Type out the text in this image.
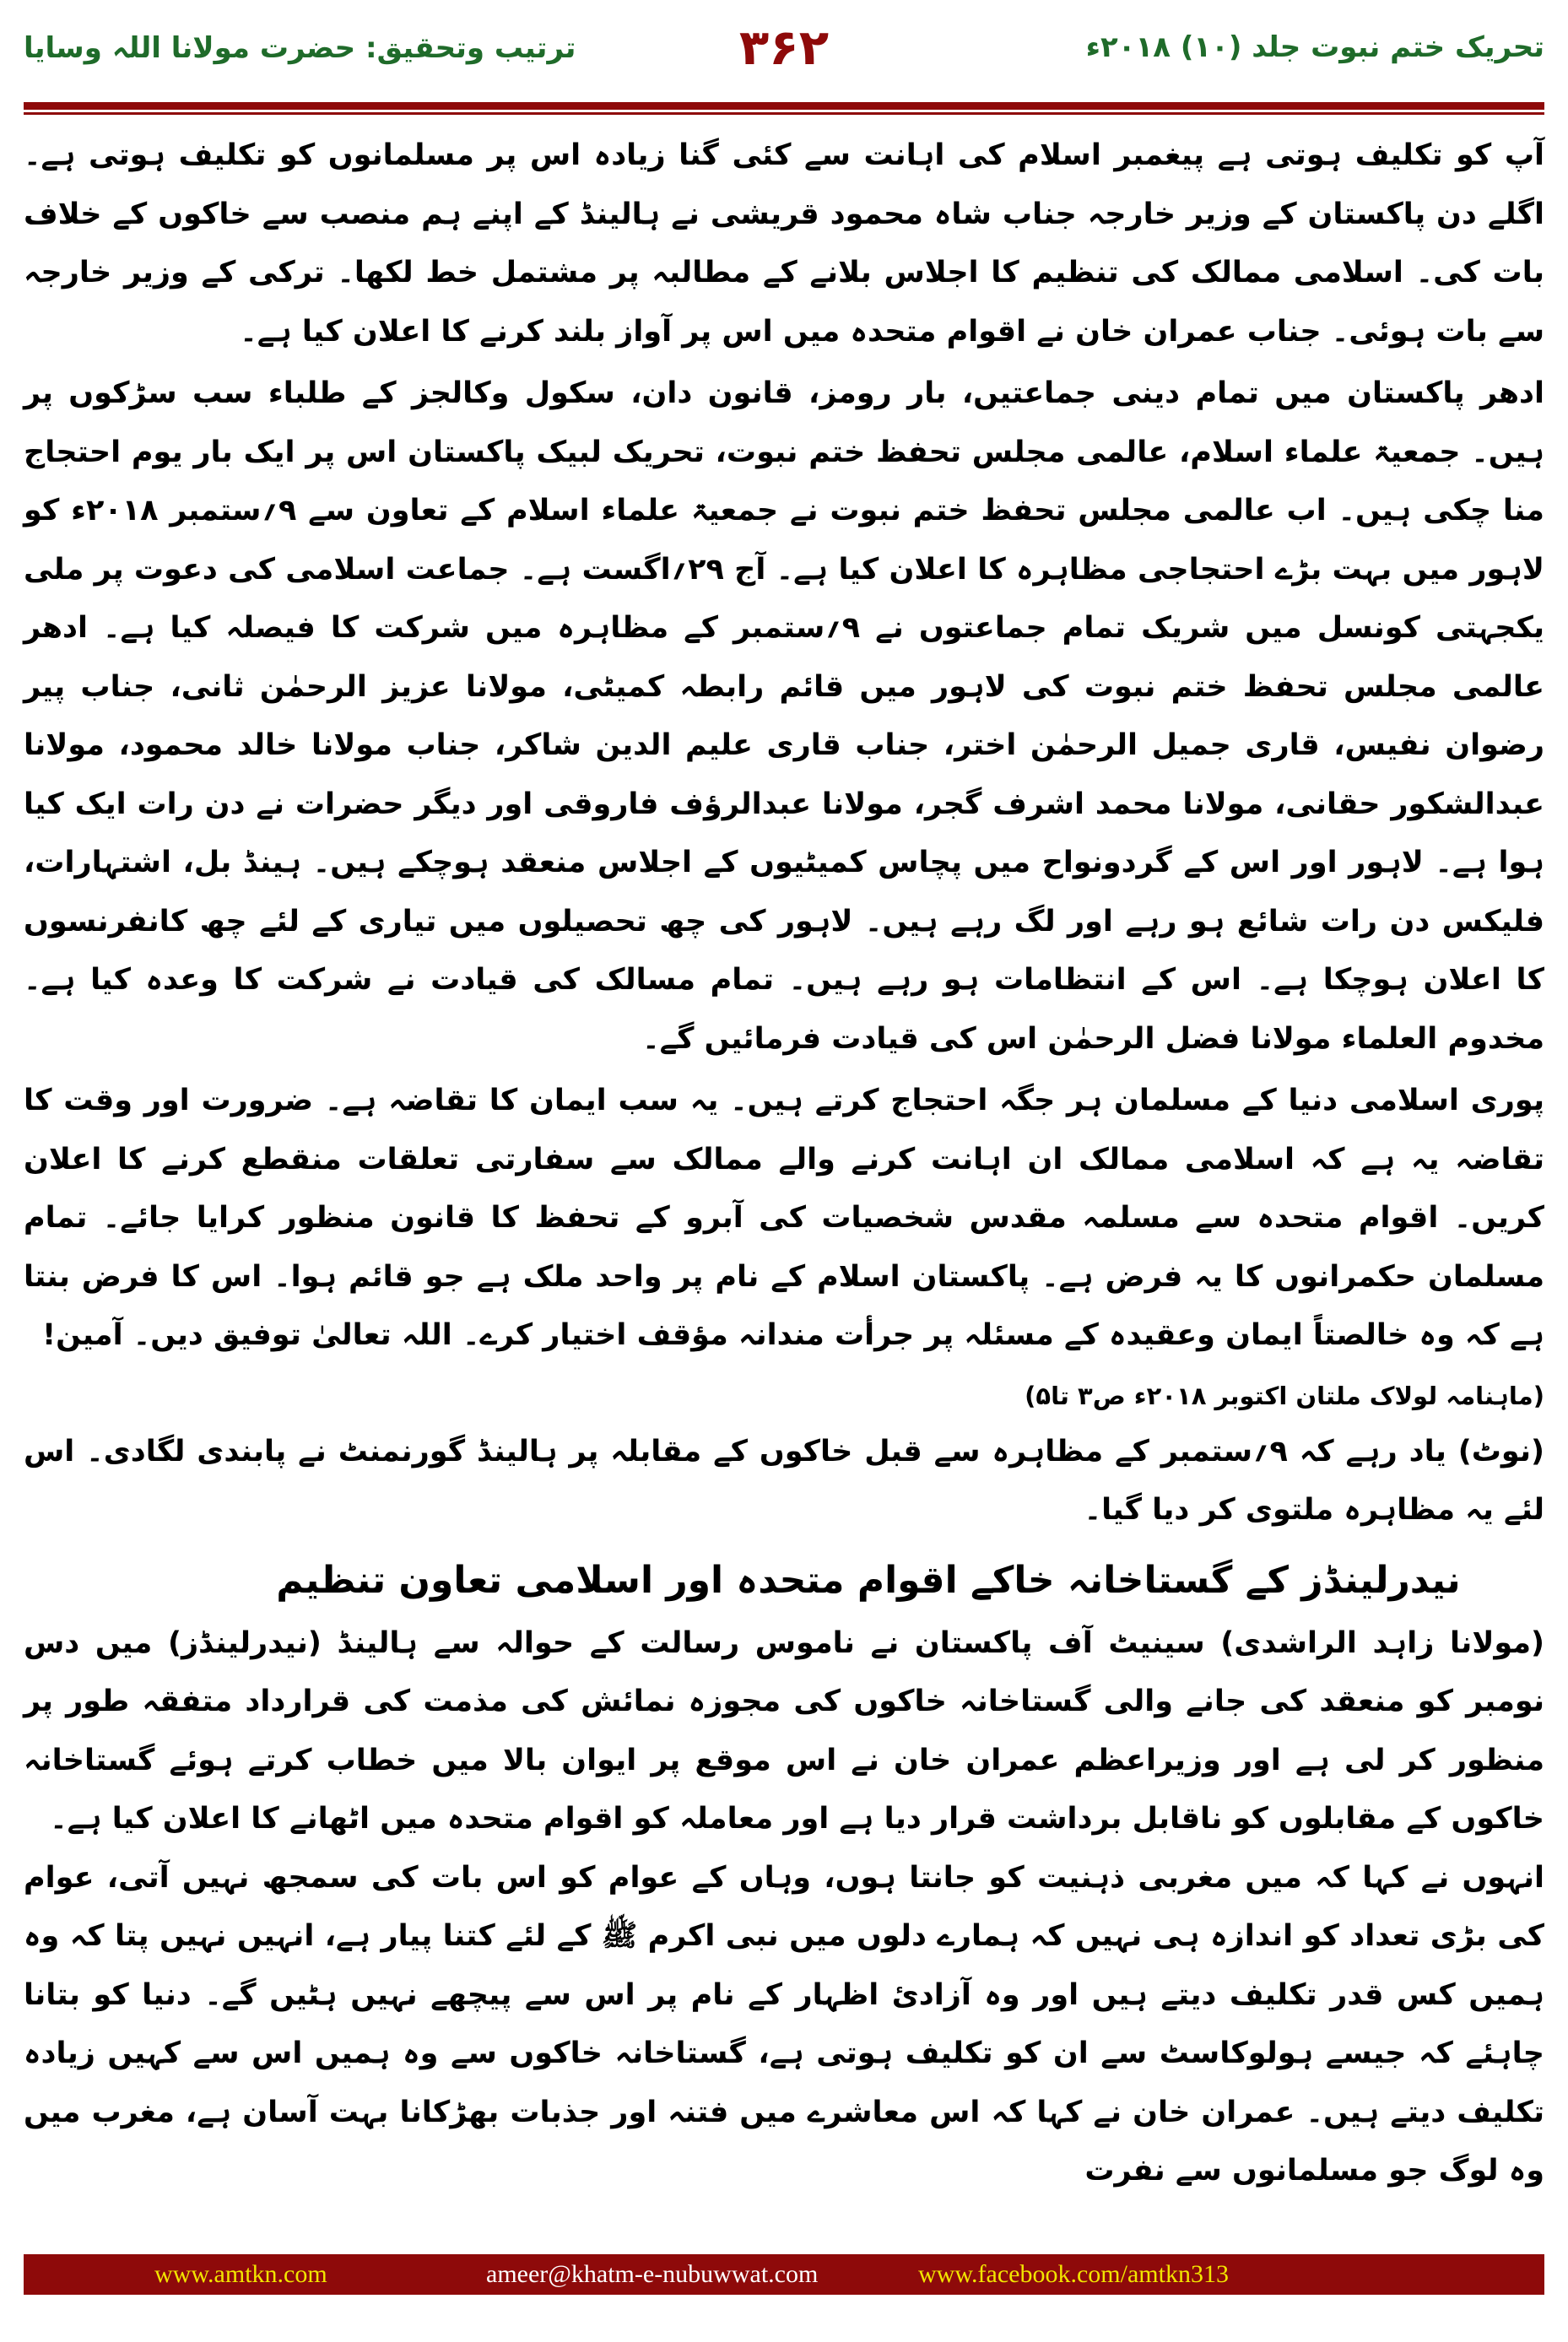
تحریک ختم نبوت جلد (۱۰) ۲۰۱۸ء
۳۶۲
ترتیب وتحقیق: حضرت مولانا اللہ وسایا

آپ کو تکلیف ہوتی ہے پیغمبر اسلام کی اہانت سے کئی گنا زیادہ اس پر مسلمانوں کو تکلیف ہوتی ہے۔ اگلے دن پاکستان کے وزیر خارجہ جناب شاہ محمود قریشی نے ہالینڈ کے اپنے ہم منصب سے خاکوں کے خلاف بات کی۔ اسلامی ممالک کی تنظیم کا اجلاس بلانے کے مطالبہ پر مشتمل خط لکھا۔ ترکی کے وزیر خارجہ سے بات ہوئی۔ جناب عمران خان نے اقوام متحدہ میں اس پر آواز بلند کرنے کا اعلان کیا ہے۔

ادھر پاکستان میں تمام دینی جماعتیں، بار رومز، قانون دان، سکول وکالجز کے طلباء سب سڑکوں پر ہیں۔ جمعیۃ علماء اسلام، عالمی مجلس تحفظ ختم نبوت، تحریک لبیک پاکستان اس پر ایک بار یوم احتجاج منا چکی ہیں۔ اب عالمی مجلس تحفظ ختم نبوت نے جمعیۃ علماء اسلام کے تعاون سے ۹؍ستمبر ۲۰۱۸ء کو لاہور میں بہت بڑے احتجاجی مظاہرہ کا اعلان کیا ہے۔ آج ۲۹؍اگست ہے۔ جماعت اسلامی کی دعوت پر ملی یکجہتی کونسل میں شریک تمام جماعتوں نے ۹؍ستمبر کے مظاہرہ میں شرکت کا فیصلہ کیا ہے۔ ادھر عالمی مجلس تحفظ ختم نبوت کی لاہور میں قائم رابطہ کمیٹی، مولانا عزیز الرحمٰن ثانی، جناب پیر رضوان نفیس، قاری جمیل الرحمٰن اختر، جناب قاری علیم الدین شاکر، جناب مولانا خالد محمود، مولانا عبدالشکور حقانی، مولانا محمد اشرف گجر، مولانا عبدالرؤف فاروقی اور دیگر حضرات نے دن رات ایک کیا ہوا ہے۔ لاہور اور اس کے گردونواح میں پچاس کمیٹیوں کے اجلاس منعقد ہوچکے ہیں۔ ہینڈ بل، اشتہارات، فلیکس دن رات شائع ہو رہے اور لگ رہے ہیں۔ لاہور کی چھ تحصیلوں میں تیاری کے لئے چھ کانفرنسوں کا اعلان ہوچکا ہے۔ اس کے انتظامات ہو رہے ہیں۔ تمام مسالک کی قیادت نے شرکت کا وعدہ کیا ہے۔ مخدوم العلماء مولانا فضل الرحمٰن اس کی قیادت فرمائیں گے۔

پوری اسلامی دنیا کے مسلمان ہر جگہ احتجاج کرتے ہیں۔ یہ سب ایمان کا تقاضہ ہے۔ ضرورت اور وقت کا تقاضہ یہ ہے کہ اسلامی ممالک ان اہانت کرنے والے ممالک سے سفارتی تعلقات منقطع کرنے کا اعلان کریں۔ اقوام متحدہ سے مسلمہ مقدس شخصیات کی آبرو کے تحفظ کا قانون منظور کرایا جائے۔ تمام مسلمان حکمرانوں کا یہ فرض ہے۔ پاکستان اسلام کے نام پر واحد ملک ہے جو قائم ہوا۔ اس کا فرض بنتا ہے کہ وہ خالصتاً ایمان وعقیدہ کے مسئلہ پر جرأت مندانہ مؤقف اختیار کرے۔ اللہ تعالیٰ توفیق دیں۔ آمین!

(ماہنامہ لولاک ملتان اکتوبر ۲۰۱۸ء ص۳ تا۵)

(نوٹ) یاد رہے کہ ۹؍ستمبر کے مظاہرہ سے قبل خاکوں کے مقابلہ پر ہالینڈ گورنمنٹ نے پابندی لگادی۔ اس لئے یہ مظاہرہ ملتوی کر دیا گیا۔

نیدرلینڈز کے گستاخانہ خاکے اقوام متحدہ اور اسلامی تعاون تنظیم

(مولانا زاہد الراشدی) سینیٹ آف پاکستان نے ناموس رسالت کے حوالہ سے ہالینڈ (نیدرلینڈز) میں دس نومبر کو منعقد کی جانے والی گستاخانہ خاکوں کی مجوزہ نمائش کی مذمت کی قرارداد متفقہ طور پر منظور کر لی ہے اور وزیراعظم عمران خان نے اس موقع پر ایوان بالا میں خطاب کرتے ہوئے گستاخانہ خاکوں کے مقابلوں کو ناقابل برداشت قرار دیا ہے اور معاملہ کو اقوام متحدہ میں اٹھانے کا اعلان کیا ہے۔

انہوں نے کہا کہ میں مغربی ذہنیت کو جانتا ہوں، وہاں کے عوام کو اس بات کی سمجھ نہیں آتی، عوام کی بڑی تعداد کو اندازہ ہی نہیں کہ ہمارے دلوں میں نبی اکرم ﷺ کے لئے کتنا پیار ہے، انہیں نہیں پتا کہ وہ ہمیں کس قدر تکلیف دیتے ہیں اور وہ آزادئ اظہار کے نام پر اس سے پیچھے نہیں ہٹیں گے۔ دنیا کو بتانا چاہئے کہ جیسے ہولوکاسٹ سے ان کو تکلیف ہوتی ہے، گستاخانہ خاکوں سے وہ ہمیں اس سے کہیں زیادہ تکلیف دیتے ہیں۔ عمران خان نے کہا کہ اس معاشرے میں فتنہ اور جذبات بھڑکانا بہت آسان ہے، مغرب میں وہ لوگ جو مسلمانوں سے نفرت

www.amtkn.com	ameer@khatm-e-nubuwwat.com	www.facebook.com/amtkn313
